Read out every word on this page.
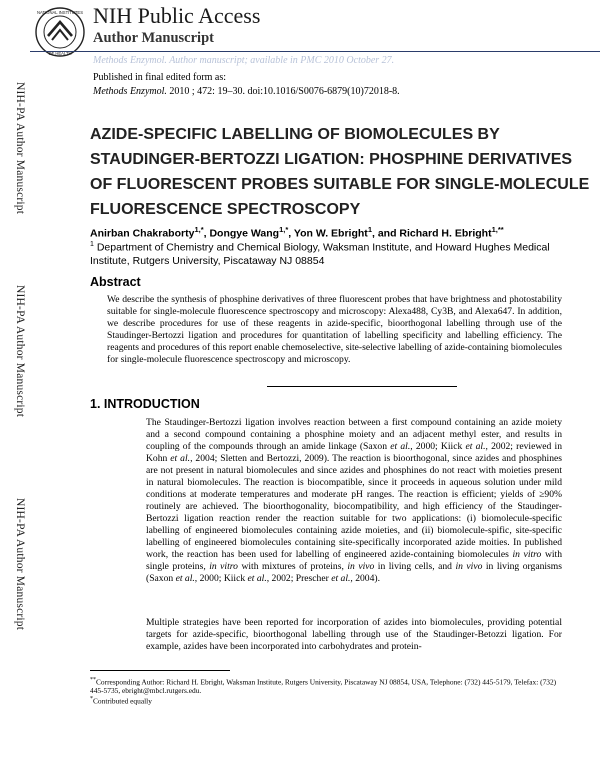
NATIONAL INSTITUTES
OF HEALTH
NIH Public Access
Author Manuscript
Methods Enzymol. Author manuscript; available in PMC 2010 October 27.
Published in final edited form as:
Methods Enzymol. 2010 ; 472: 19–30. doi:10.1016/S0076-6879(10)72018-8.
NIH-PA Author Manuscript
NIH-PA Author Manuscript
NIH-PA Author Manuscript
AZIDE-SPECIFIC LABELLING OF BIOMOLECULES BY STAUDINGER-BERTOZZI LIGATION: PHOSPHINE DERIVATIVES OF FLUORESCENT PROBES SUITABLE FOR SINGLE-MOLECULE FLUORESCENCE SPECTROSCOPY
Anirban Chakraborty$^{1,*}$, Dongye Wang$^{1,*}$, Yon W. Ebright$^1$, and Richard H. Ebright$^{1,**}$
$^1$ Department of Chemistry and Chemical Biology, Waksman Institute, and Howard Hughes Medical Institute, Rutgers University, Piscataway NJ 08854
Abstract
We describe the synthesis of phosphine derivatives of three fluorescent probes that have brightness and photostability suitable for single-molecule fluorescence spectroscopy and microscopy: Alexa488, Cy3B, and Alexa647. In addition, we describe procedures for use of these reagents in azide-specific, bioorthogonal labelling through use of the Staudinger-Bertozzi ligation and procedures for quantitation of labelling specificity and labelling efficiency. The reagents and procedures of this report enable chemoselective, site-selective labelling of azide-containing biomolecules for single-molecule fluorescence spectroscopy and microscopy.
1. INTRODUCTION
The Staudinger-Bertozzi ligation involves reaction between a first compound containing an azide moiety and a second compound containing a phosphine moiety and an adjacent methyl ester, and results in coupling of the compounds through an amide linkage (Saxon et al., 2000; Kiick et al., 2002; reviewed in Kohn et al., 2004; Sletten and Bertozzi, 2009). The reaction is bioorthogonal, since azides and phosphines are not present in natural biomolecules and since azides and phosphines do not react with moieties present in natural biomolecules. The reaction is biocompatible, since it proceeds in aqueous solution under mild conditions at moderate temperatures and moderate pH ranges. The reaction is efficient; yields of ≥90% routinely are achieved. The bioorthogonality, biocompatibility, and high efficiency of the Staudinger-Bertozzi ligation reaction render the reaction suitable for two applications: (i) biomolecule-specific labelling of engineered biomolecules containing azide moieties, and (ii) biomolecule-spific, site-specific labelling of engineered biomolecules containing site-specifically incorporated azide moities. In published work, the reaction has been used for labelling of engineered azide-containing biomolecules in vitro with single proteins, in vitro with mixtures of proteins, in vivo in living cells, and in vivo in living organisms (Saxon et al., 2000; Kiick et al., 2002; Prescher et al., 2004).
Multiple strategies have been reported for incorporation of azides into biomolecules, providing potential targets for azide-specific, bioorthogonal labelling through use of the Staudinger-Betozzi ligation. For example, azides have been incorporated into carbohydrates and protein-
**Corresponding Author: Richard H. Ebright, Waksman Institute, Rutgers University, Piscataway NJ 08854, USA, Telephone: (732) 445-5179, Telefax: (732) 445-5735, ebright@mbcl.rutgers.edu.
*Contributed equally
